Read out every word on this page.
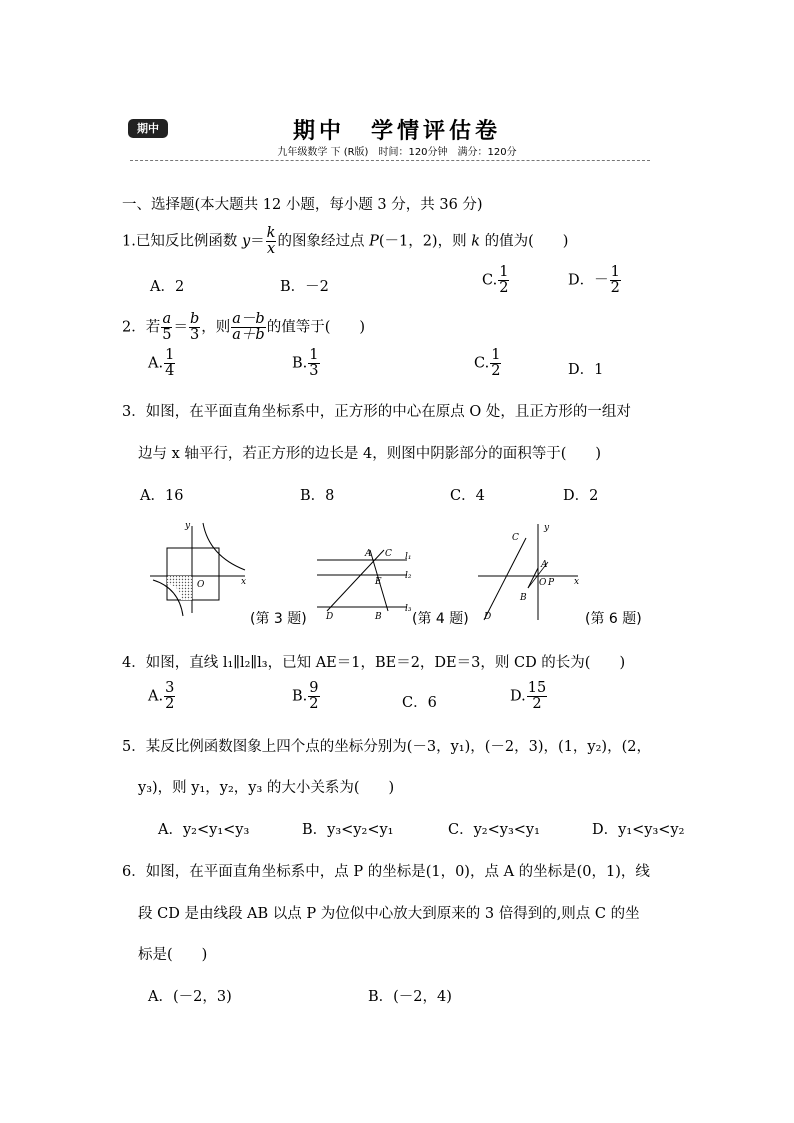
期中	期中　学情评估卷
九年级数学 下 (R版)　时间：120分钟　满分：120分
一、选择题(本大题共 12 小题，每小题 3 分，共 36 分)
1.已知反比例函数 $y= \frac{k}{x}$ 的图象经过点 P(－1，2)，则 k 的值为(　　)
A．2	B．－2	C. $\frac{1}{2}$	D．－ $\frac{1}{2}$
2．若 $\frac{a}{5} = \frac{b}{3}$ ，则 $\frac{a-b}{a+b}$ 的值等于(　　)
A. $\frac{1}{4}$	B. $\frac{1}{3}$	C. $\frac{1}{2}$	D．1
3．如图，在平面直角坐标系中，正方形的中心在原点 O 处，且正方形的一组对
边与 x 轴平行，若正方形的边长是 4，则图中阴影部分的面积等于(　　)
A．16	B．8	C．4	D．2
y
x
O
(第 3 题)
A C
E
D	B
l₁
l₂
l₃
(第 4 题)
C
y
A
O P x
B
D	(第 6 题)
4．如图，直线 l₁∥l₂∥l₃，已知 AE＝1，BE＝2，DE＝3，则 CD 的长为(　　)
A. $\frac{3}{2}$	B. $\frac{9}{2}$	C．6	D. $\frac{15}{2}$
5．某反比例函数图象上四个点的坐标分别为(－3，y₁)，(－2，3)，(1，y₂)，(2，
y₃)，则 y₁，y₂，y₃ 的大小关系为(　　)
A．y₂<y₁<y₃	B．y₃<y₂<y₁	C．y₂<y₃<y₁	D．y₁<y₃<y₂
6．如图，在平面直角坐标系中，点 P 的坐标是(1，0)，点 A 的坐标是(0，1)，线
段 CD 是由线段 AB 以点 P 为位似中心放大到原来的 3 倍得到的,则点 C 的坐
标是(　　)
A．(－2，3)	B．(－2，4)
